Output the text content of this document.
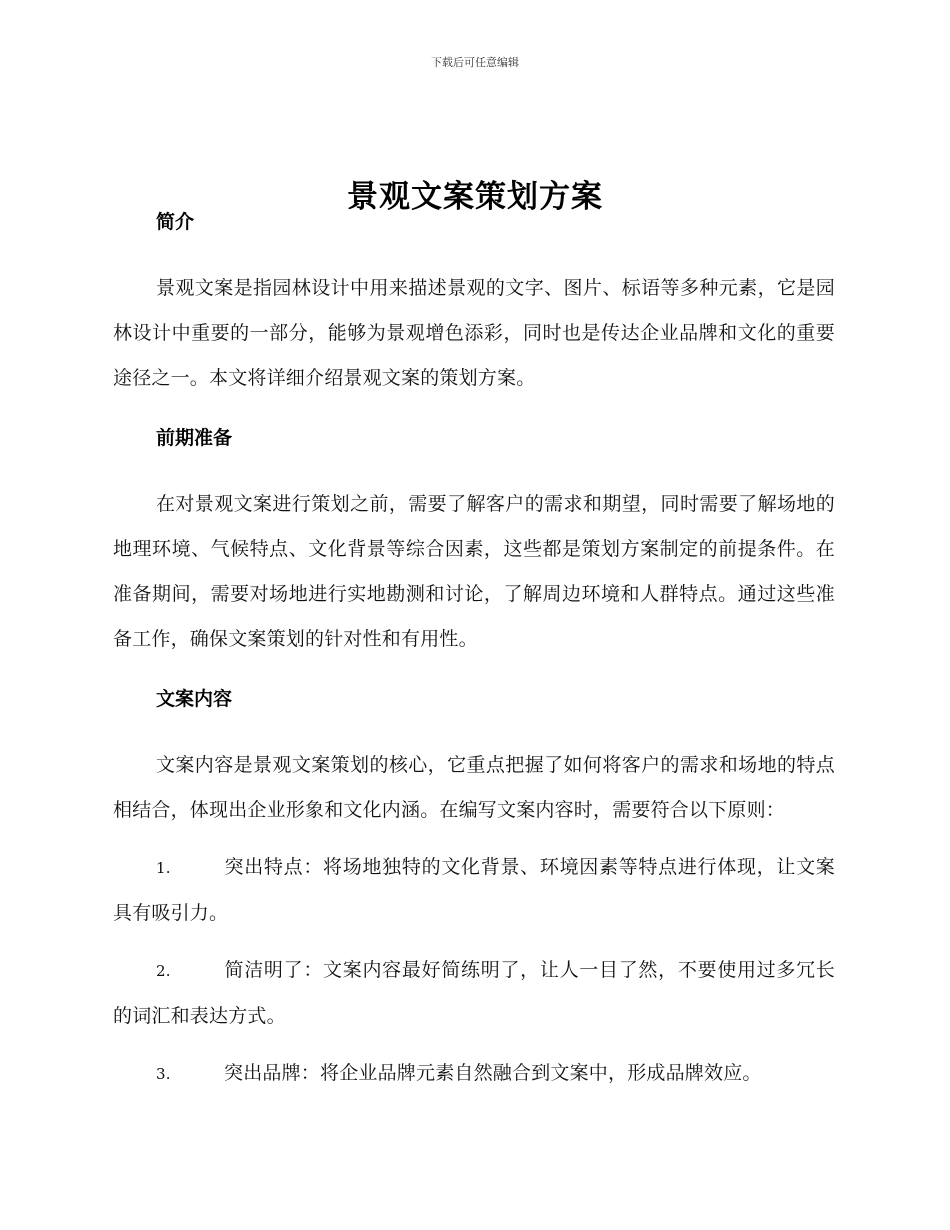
下载后可任意编辑
景观文案策划方案
简介

景观文案是指园林设计中用来描述景观的文字、图片、标语等多种元素，它是园林设计中重要的一部分，能够为景观增色添彩，同时也是传达企业品牌和文化的重要途径之一。本文将详细介绍景观文案的策划方案。

前期准备

在对景观文案进行策划之前，需要了解客户的需求和期望，同时需要了解场地的地理环境、气候特点、文化背景等综合因素，这些都是策划方案制定的前提条件。在准备期间，需要对场地进行实地勘测和讨论，了解周边环境和人群特点。通过这些准备工作，确保文案策划的针对性和有用性。

文案内容

文案内容是景观文案策划的核心，它重点把握了如何将客户的需求和场地的特点相结合，体现出企业形象和文化内涵。在编写文案内容时，需要符合以下原则：

1.	突出特点：将场地独特的文化背景、环境因素等特点进行体现，让文案具有吸引力。

2.	简洁明了：文案内容最好简练明了，让人一目了然，不要使用过多冗长的词汇和表达方式。

3.	突出品牌：将企业品牌元素自然融合到文案中，形成品牌效应。
